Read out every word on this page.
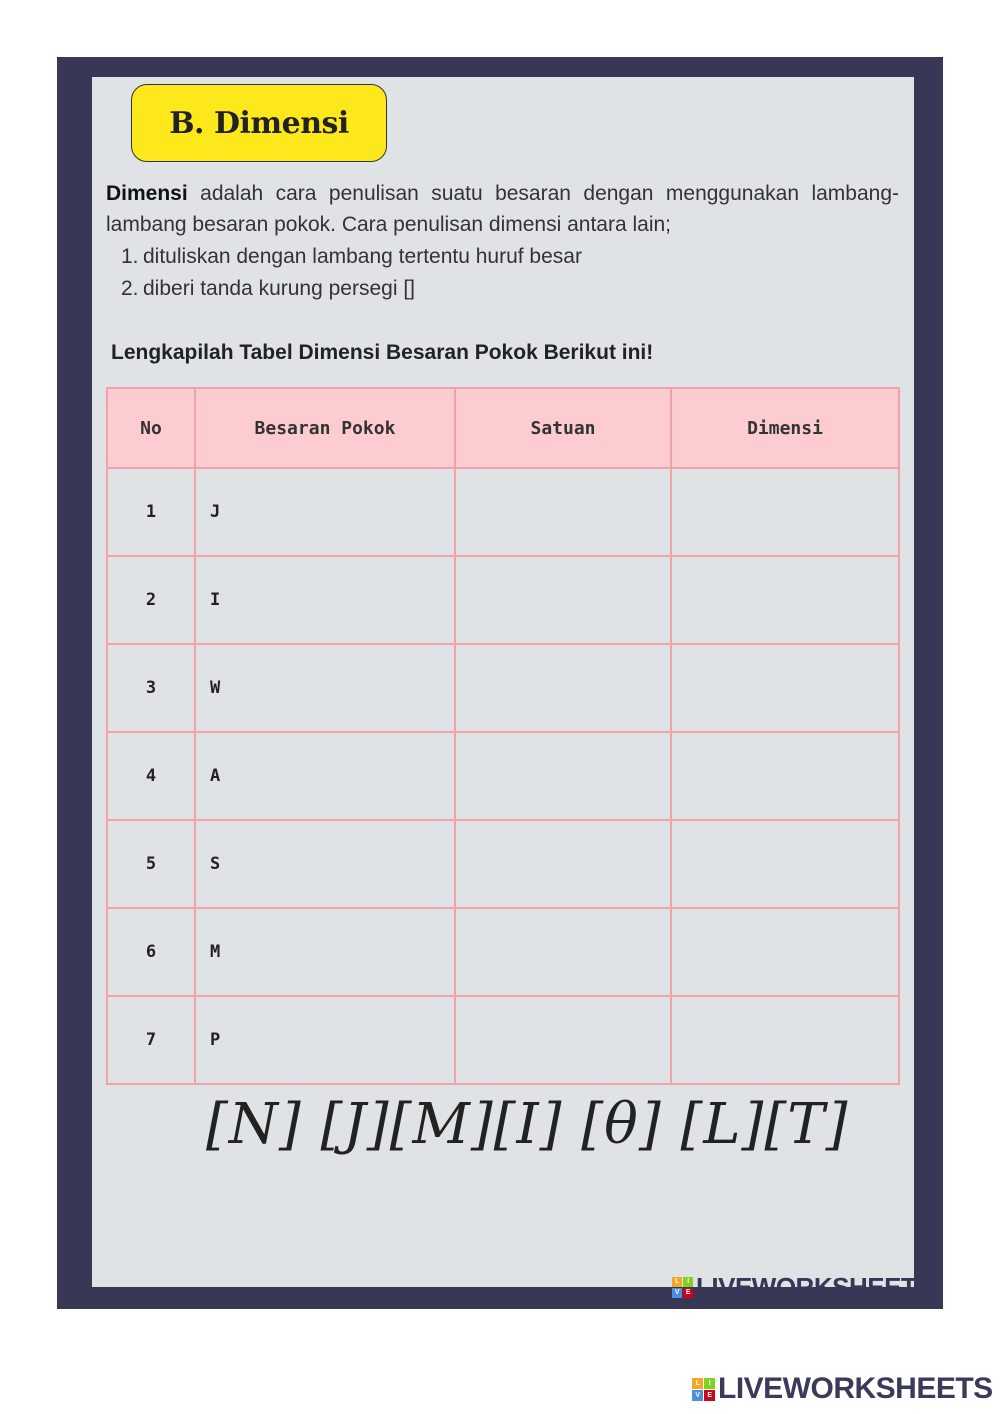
B. Dimensi
Dimensi adalah cara penulisan suatu besaran dengan menggunakan lambang-lambang besaran pokok. Cara penulisan dimensi antara lain;
1. dituliskan dengan lambang tertentu huruf besar
2. diberi tanda kurung persegi []
Lengkapilah Tabel Dimensi Besaran Pokok Berikut ini!
No	Besaran Pokok	Satuan	Dimensi
1	J		
2	I		
3	W		
4	A		
5	S		
6	M		
7	P		
[N] [J][M][I] [θ] [L][T]
L	I
V E LIVEWORKSHEETS
L	I
V	E LIVEWORKSHEETS
